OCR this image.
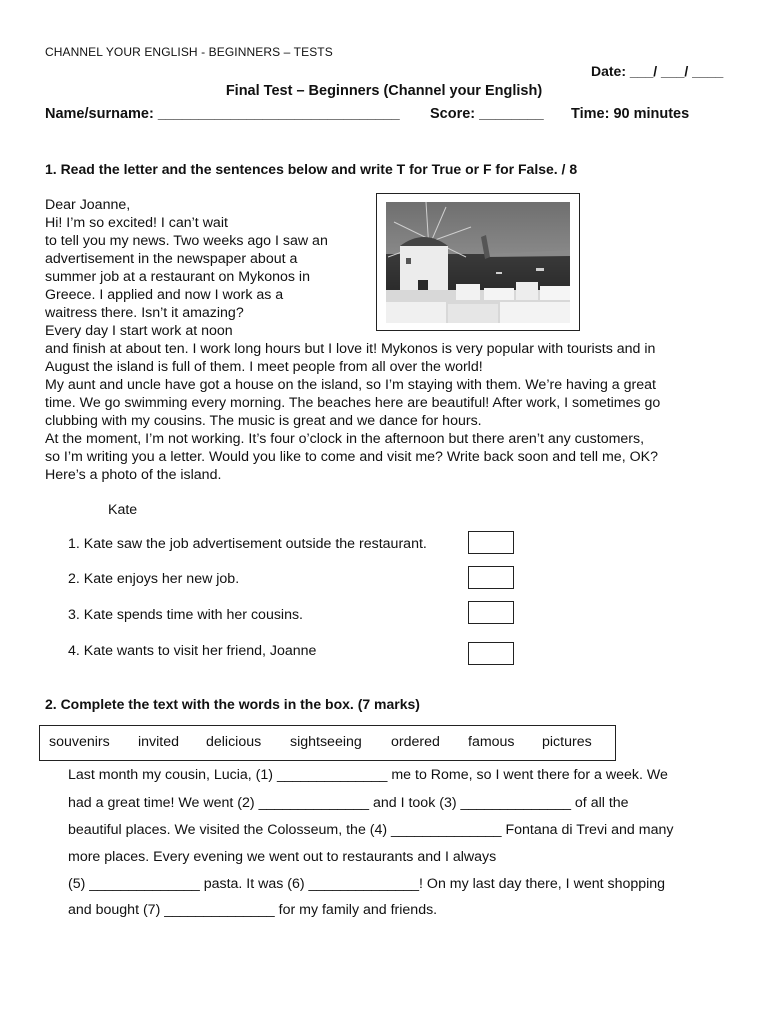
CHANNEL YOUR ENGLISH - BEGINNERS – TESTS
Date: ___/ ___/ ____
Final Test – Beginners (Channel your English)
Name/surname: ______________________________ Score: ________ Time: 90 minutes
1. Read the letter and the sentences below and write T for True or F for False. / 8
Dear Joanne,
Hi! I’m so excited! I can’t wait
to tell you my news. Two weeks ago I saw an
advertisement in the newspaper about a
summer job at a restaurant on Mykonos in
Greece. I applied and now I work as a
waitress there. Isn’t it amazing?
Every day I start work at noon
and finish at about ten. I work long hours but I love it! Mykonos is very popular with tourists and in
August the island is full of them. I meet people from all over the world!
My aunt and uncle have got a house on the island, so I’m staying with them. We’re having a great
time. We go swimming every morning. The beaches here are beautiful! After work, I sometimes go
clubbing with my cousins. The music is great and we dance for hours.
At the moment, I’m not working. It’s four o’clock in the afternoon but there aren’t any customers,
so I’m writing you a letter. Would you like to come and visit me? Write back soon and tell me, OK?
Here’s a photo of the island.
Kate
1. Kate saw the job advertisement outside the restaurant.
2. Kate enjoys her new job.
3. Kate spends time with her cousins.
4. Kate wants to visit her friend, Joanne
2. Complete the text with the words in the box. (7 marks)
souvenirs invited delicious sightseeing ordered famous pictures
Last month my cousin, Lucia, (1) ______________ me to Rome, so I went there for a week. We
had a great time! We went (2) ______________ and I took (3) ______________ of all the
beautiful places. We visited the Colosseum, the (4) ______________ Fontana di Trevi and many
more places. Every evening we went out to restaurants and I always
(5) ______________ pasta. It was (6) ______________! On my last day there, I went shopping
and bought (7) ______________ for my family and friends.
